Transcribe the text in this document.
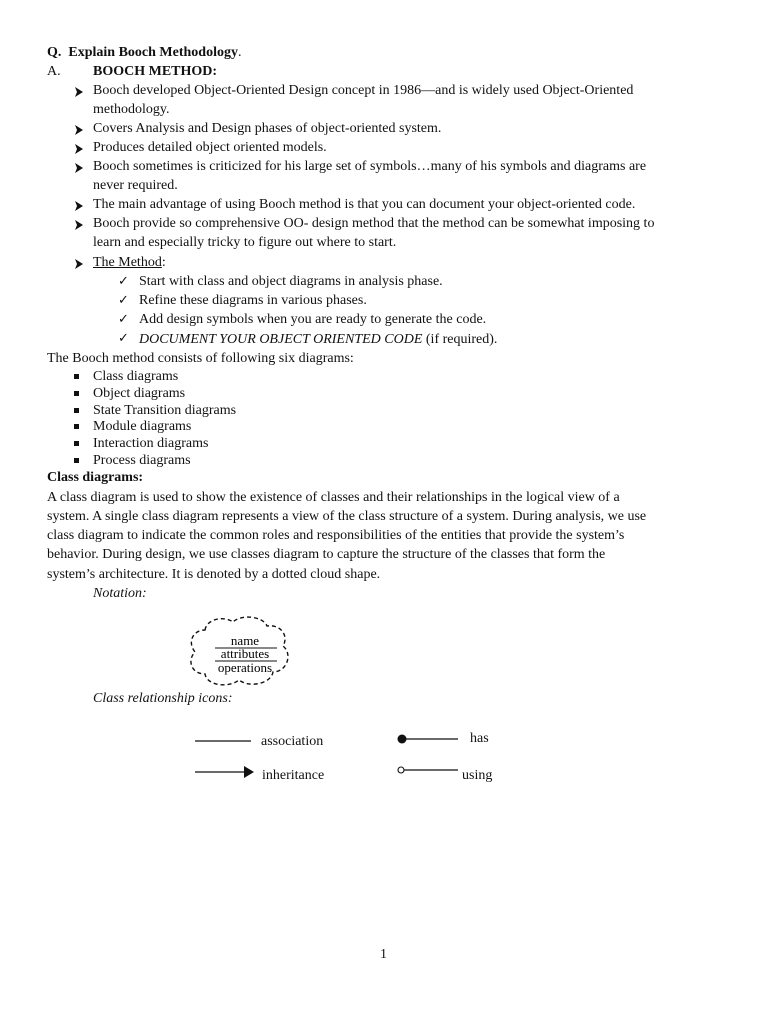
Q. Explain Booch Methodology.
A. BOOCH METHOD:
Booch developed Object-Oriented Design concept in 1986—and is widely used Object-Oriented
methodology.
Covers Analysis and Design phases of object-oriented system.
Produces detailed object oriented models.
Booch sometimes is criticized for his large set of symbols…many of his symbols and diagrams are
never required.
The main advantage of using Booch method is that you can document your object-oriented code.
Booch provide so comprehensive OO- design method that the method can be somewhat imposing to
learn and especially tricky to figure out where to start.
The Method:
✓ Start with class and object diagrams in analysis phase.
✓ Refine these diagrams in various phases.
✓ Add design symbols when you are ready to generate the code.
✓ DOCUMENT YOUR OBJECT ORIENTED CODE (if required).
The Booch method consists of following six diagrams:
Class diagrams
Object diagrams
State Transition diagrams
Module diagrams
Interaction diagrams
Process diagrams
Class diagrams:
A class diagram is used to show the existence of classes and their relationships in the logical view of a
system. A single class diagram represents a view of the class structure of a system. During analysis, we use
class diagram to indicate the common roles and responsibilities of the entities that provide the system’s
behavior. During design, we use classes diagram to capture the structure of the classes that form the
system’s architecture. It is denoted by a dotted cloud shape.
Notation:
name
attributes
operations
Class relationship icons:
association
inheritance
has
using
1
